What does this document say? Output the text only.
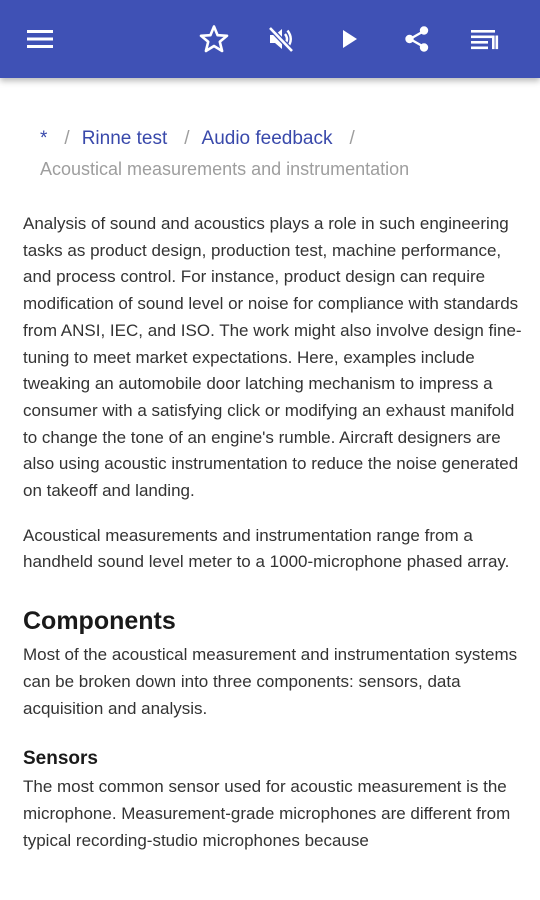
* / Rinne test / Audio feedback /
Acoustical measurements and instrumentation

Analysis of sound and acoustics plays a role in such engineering tasks as product design, production test, machine performance, and process control. For instance, product design can require modification of sound level or noise for compliance with standards from ANSI, IEC, and ISO. The work might also involve design fine-tuning to meet market expectations. Here, examples include tweaking an automobile door latching mechanism to impress a consumer with a satisfying click or modifying an exhaust manifold to change the tone of an engine's rumble. Aircraft designers are also using acoustic instrumentation to reduce the noise generated on takeoff and landing.

Acoustical measurements and instrumentation range from a handheld sound level meter to a 1000-microphone phased array.

Components

Most of the acoustical measurement and instrumentation systems can be broken down into three components: sensors, data acquisition and analysis.

Sensors

The most common sensor used for acoustic measurement is the microphone. Measurement-grade microphones are different from typical recording-studio microphones because
